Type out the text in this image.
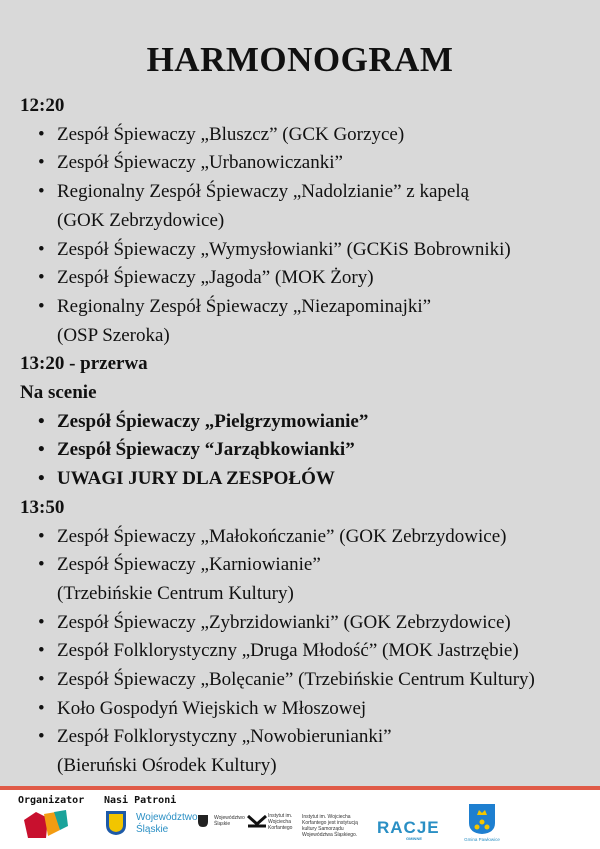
HARMONOGRAM
12:20
• Zespół Śpiewaczy „Bluszcz” (GCK Gorzyce)
• Zespół Śpiewaczy „Urbanowiczanki”
• Regionalny Zespół Śpiewaczy „Nadolzianie” z kapelą
(GOK Zebrzydowice)
• Zespół Śpiewaczy „Wymysłowianki” (GCKiS Bobrowniki)
• Zespół Śpiewaczy „Jagoda” (MOK Żory)
• Regionalny Zespół Śpiewaczy „Niezapominajki”
(OSP Szeroka)
13:20 - przerwa
Na scenie
• Zespół Śpiewaczy „Pielgrzymowianie”
• Zespół Śpiewaczy “Jarząbkowianki”
• UWAGI JURY DLA ZESPOŁÓW
13:50
• Zespół Śpiewaczy „Małokończanie” (GOK Zebrzydowice)
• Zespół Śpiewaczy „Karniowianie”
(Trzebińskie Centrum Kultury)
• Zespół Śpiewaczy „Zybrzidowianki” (GOK Zebrzydowice)
• Zespół Folklorystyczny „Druga Młodość” (MOK Jastrzębie)
• Zespół Śpiewaczy „Bolęcanie” (Trzebińskie Centrum Kultury)
• Koło Gospodyń Wiejskich w Młoszowej
• Zespół Folklorystyczny „Nowobierunianki”
(Bieruński Ośrodek Kultury)
Organizator Nasi Patroni
Województwo Śląskie
Województwo Śląskie
Instytut im. Wojciecha Korfantego
Instytut im. Wojciecha Korfantego jest instytucją kultury Samorządu Województwa Śląskiego.	RACJE
GMINNE	Gmina Pawłowice
